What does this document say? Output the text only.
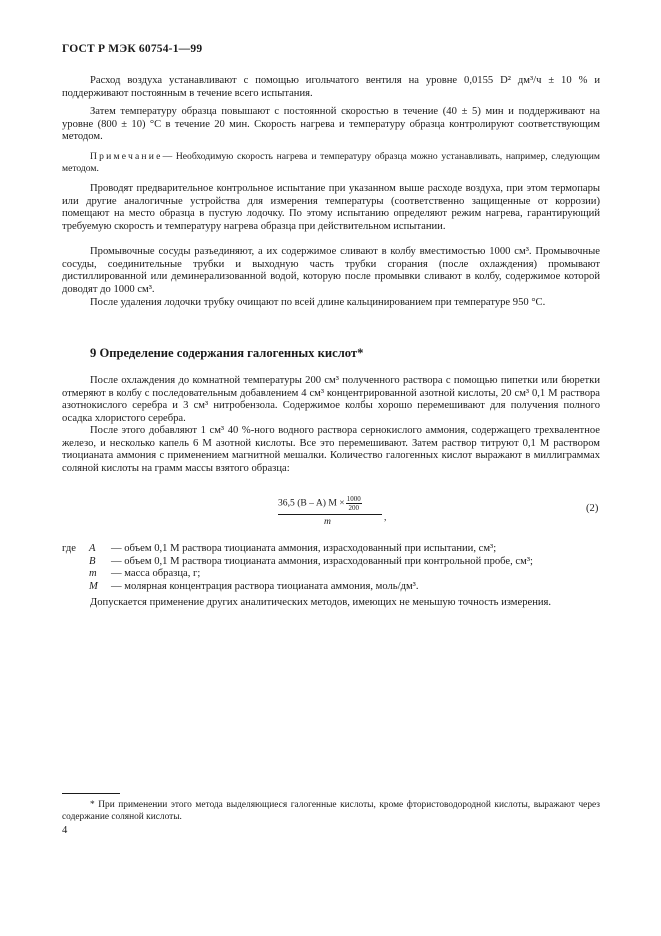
ГОСТ Р МЭК 60754-1—99

Расход воздуха устанавливают с помощью игольчатого вентиля на уровне 0,0155 D² дм³/ч ± 10 % и поддерживают постоянным в течение всего испытания.

Затем температуру образца повышают с постоянной скоростью в течение (40 ± 5) мин и поддерживают на уровне (800 ± 10) °С в течение 20 мин. Скорость нагрева и температуру образца контролируют соответствующим методом.

Примечание— Необходимую скорость нагрева и температуру образца можно устанавливать, например, следующим методом.

Проводят предварительное контрольное испытание при указанном выше расходе воздуха, при этом термопары или другие аналогичные устройства для измерения температуры (соответственно защищенные от коррозии) помещают на место образца в пустую лодочку. По этому испытанию определяют режим нагрева, гарантирующий требуемую скорость и температуру нагрева образца при действительном испытании.

Промывочные сосуды разъединяют, а их содержимое сливают в колбу вместимостью 1000 см³. Промывочные сосуды, соединительные трубки и выходную часть трубки сгорания (после охлаждения) промывают дистиллированной или деминерализованной водой, которую после промывки сливают в колбу, содержимое которой доводят до 1000 см³.

После удаления лодочки трубку очищают по всей длине кальцинированием при температуре 950 °С.

9 Определение содержания галогенных кислот*

После охлаждения до комнатной температуры 200 см³ полученного раствора с помощью пипетки или бюретки отмеряют в колбу с последовательным добавлением 4 см³ концентрированной азотной кислоты, 20 см³ 0,1 М раствора азотнокислого серебра и 3 см³ нитробензола. Содержимое колбы хорошо перемешивают для получения полного осадка хлористого серебра.

После этого добавляют 1 см³ 40 %-ного водного раствора сернокислого аммония, содержащего трехвалентное железо, и несколько капель 6 М азотной кислоты. Все это перемешивают. Затем раствор титруют 0,1 М раствором тиоцианата аммония с применением магнитной мешалки. Количество галогенных кислот выражают в миллиграммах соляной кислоты на грамм массы взятого образца:

36,5 (B – A) $M \times \frac{1000}{200}$
m	,
(2)
где A — объем 0,1 М раствора тиоцианата аммония, израсходованный при испытании, см³;
B — объем 0,1 М раствора тиоцианата аммония, израсходованный при контрольной пробе, см³;
m — масса образца, г;
M — молярная концентрация раствора тиоцианата аммония, моль/дм³.

Допускается применение других аналитических методов, имеющих не меньшую точность измерения.

* При применении этого метода выделяющиеся галогенные кислоты, кроме фтористоводородной кислоты, выражают через содержание соляной кислоты.

4
